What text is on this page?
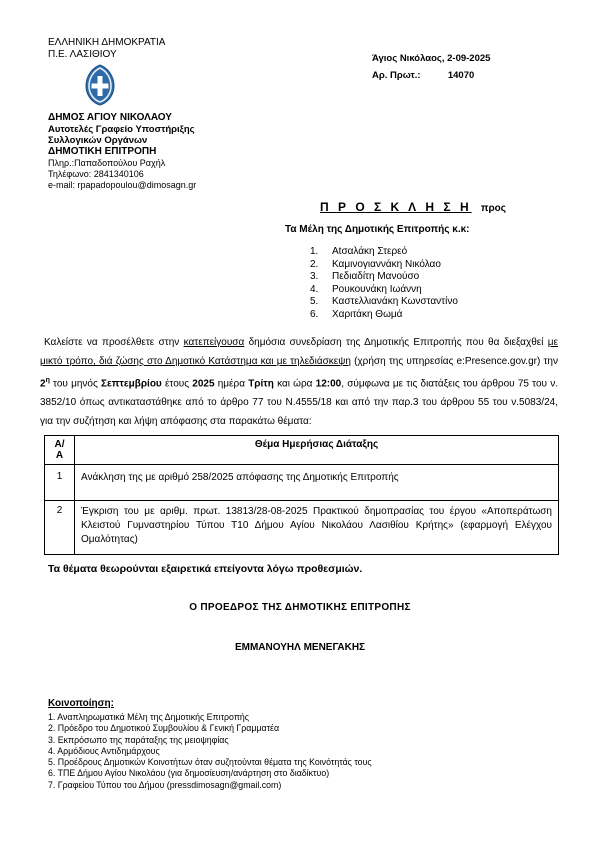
ΕΛΛΗΝΙΚΗ ΔΗΜΟΚΡΑΤΙΑ
Π.Ε. ΛΑΣΙΘΙΟΥ
ΔΗΜΟΣ ΑΓΙΟΥ ΝΙΚΟΛΑΟΥ
Αυτοτελές Γραφείο Υποστήριξης
Συλλογικών Οργάνων
ΔΗΜΟΤΙΚΗ ΕΠΙΤΡΟΠΗ
Πληρ.:Παπαδοπούλου Ραχήλ
Τηλέφωνο: 2841340106
e-mail: rpapadopoulou@dimosagn.gr
Άγιος Νικόλαος, 2-09-2025
Αρ. Πρωτ.:	14070
Π Ρ Ο Σ Κ Λ Η Σ Η προς
Τα Μέλη της Δημοτικής Επιτροπής κ.κ:
1. Αtσαλάκη Στερεό
2. Καμινογιαννάκη Νικόλαο
3. Πεδιαδίτη Μανούσο
4. Ρουκουνάκη Ιωάννη
5. Καστελλιανάκη Κωνσταντίνο
6. Χαριτάκη Θωμά
Καλείστε να προσέλθετε στην κατεπείγουσα δημόσια συνεδρίαση της Δημοτικής Επιτροπής που θα διεξαχθεί με μικτό τρόπο, διά ζώσης στο Δημοτικό Κατάστημα και με τηλεδιάσκεψη (χρήση της υπηρεσίας e:Presence.gov.gr) την $2^\eta$ του μηνός Σεπτεμβρίου έτους 2025 ημέρα Τρίτη και ώρα 12:00, σύμφωνα με τις διατάξεις του άρθρου 75 του ν. 3852/10 όπως αντικαταστάθηκε από το άρθρο 77 του Ν.4555/18 και από την παρ.3 του άρθρου 55 του ν.5083/24, για την συζήτηση και λήψη απόφασης στα παρακάτω θέματα:
Α/Α	Θέμα Ημερήσιας Διάταξης
1	Ανάκληση της με αριθμό 258/2025 απόφασης της Δημοτικής Επιτροπής
2	Έγκριση του με αριθμ. πρωτ. 13813/28-08-2025 Πρακτικού δημοπρασίας του έργου «Αποπεράτωση Κλειστού Γυμναστηρίου Τύπου Τ10 Δήμου Αγίου Νικολάου Λασιθίου Κρήτης» (εφαρμογή Ελέγχου Ομαλότητας)
Τα θέματα θεωρούνται εξαιρετικά επείγοντα λόγω προθεσμιών.
Ο ΠΡΟΕΔΡΟΣ ΤΗΣ ΔΗΜΟΤΙΚΗΣ ΕΠΙΤΡΟΠΗΣ
ΕΜΜΑΝΟΥΗΛ ΜΕΝΕΓΑΚΗΣ
Κοινοποίηση:
1. Αναπληρωματικά Μέλη της Δημοτικής Επιτροπής
2. Πρόεδρο του Δημοτικού Συμβουλίου & Γενική Γραμματέα
3. Εκπρόσωπο της παράταξης της μειοψηφίας
4. Αρμόδιους Αντιδημάρχους
5. Προέδρους Δημοτικών Κοινοτήτων όταν συζητούνται θέματα της Κοινότητάς τους
6. ΤΠΕ Δήμου Αγίου Νικολάου (για δημοσίευση/ανάρτηση στο διαδίκτυο)
7. Γραφείου Τύπου του Δήμου (pressdimosagn@gmail.com)
